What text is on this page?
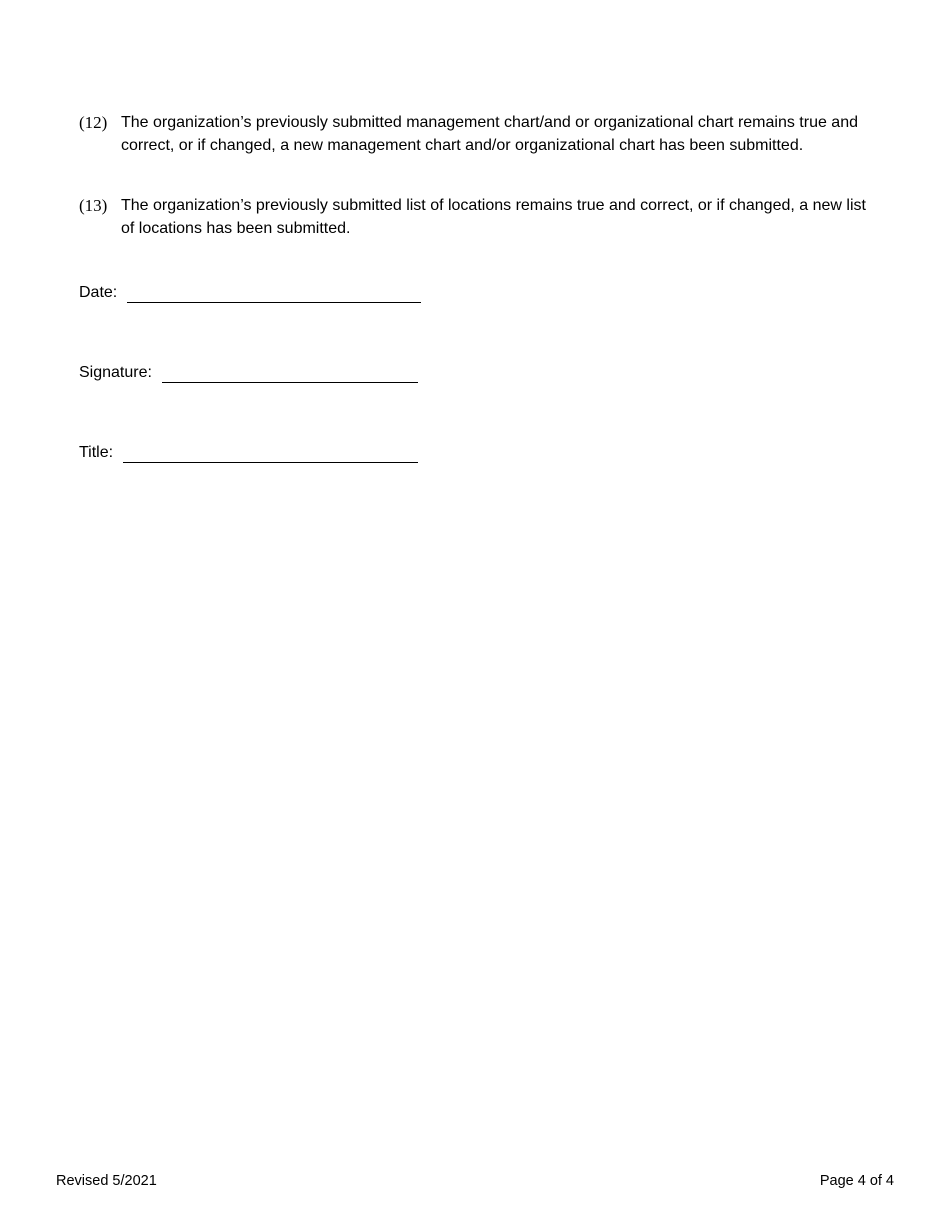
(12) The organization’s previously submitted management chart/and or organizational chart remains true and correct, or if changed, a new management chart and/or organizational chart has been submitted.
(13) The organization’s previously submitted list of locations remains true and correct, or if changed, a new list of locations has been submitted.
Date:
Signature:
Title:
Revised 5/2021	Page 4 of 4
